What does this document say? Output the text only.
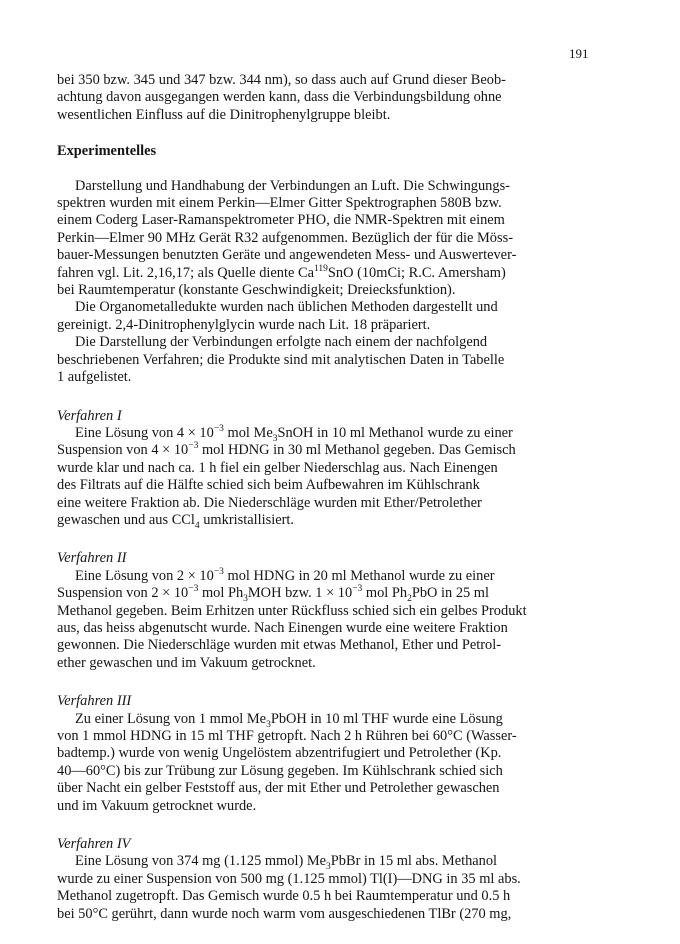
191
bei 350 bzw. 345 und 347 bzw. 344 nm), so dass auch auf Grund dieser Beob-
achtung davon ausgegangen werden kann, dass die Verbindungsbildung ohne
wesentlichen Einfluss auf die Dinitrophenylgruppe bleibt.
Experimentelles
Darstellung und Handhabung der Verbindungen an Luft. Die Schwingungs-
spektren wurden mit einem Perkin—Elmer Gitter Spektrographen 580B bzw.
einem Coderg Laser-Ramanspektrometer PHO, die NMR-Spektren mit einem
Perkin—Elmer 90 MHz Gerät R32 aufgenommen. Bezüglich der für die Möss-
bauer-Messungen benutzten Geräte und angewendeten Mess- und Auswertever-
fahren vgl. Lit. 2,16,17; als Quelle diente Ca$^{119}$SnO (10mCi; R.C. Amersham)
bei Raumtemperatur (konstante Geschwindigkeit; Dreiecksfunktion).
Die Organometalledukte wurden nach üblichen Methoden dargestellt und
gereinigt. 2,4-Dinitrophenylglycin wurde nach Lit. 18 präpariert.
Die Darstellung der Verbindungen erfolgte nach einem der nachfolgend
beschriebenen Verfahren; die Produkte sind mit analytischen Daten in Tabelle
1 aufgelistet.
Verfahren I
Eine Lösung von $4 \times 10^{-3}$ mol $Me_3SnOH$ in 10 ml Methanol wurde zu einer
Suspension von $4 \times 10^{-3}$ mol HDNG in 30 ml Methanol gegeben. Das Gemisch
wurde klar und nach ca. 1 h fiel ein gelber Niederschlag aus. Nach Einengen
des Filtrats auf die Hälfte schied sich beim Aufbewahren im Kühlschrank
eine weitere Fraktion ab. Die Niederschläge wurden mit Ether/Petrolether
gewaschen und aus CCl$_4$ umkristallisiert.
Verfahren II
Eine Lösung von $2 \times 10^{-3}$ mol HDNG in 20 ml Methanol wurde zu einer
Suspension von $2 \times 10^{-3}$ mol $Ph_3MOH$ bzw. $1 \times 10^{-3}$ mol $Ph_2PbO$ in 25 ml
Methanol gegeben. Beim Erhitzen unter Rückfluss schied sich ein gelbes Produkt
aus, das heiss abgenutscht wurde. Nach Einengen wurde eine weitere Fraktion
gewonnen. Die Niederschläge wurden mit etwas Methanol, Ether und Petrol-
ether gewaschen und im Vakuum getrocknet.
Verfahren III
Zu einer Lösung von 1 mmol $Me_3PbOH$ in 10 ml THF wurde eine Lösung
von 1 mmol HDNG in 15 ml THF getropft. Nach 2 h Rühren bei 60°C (Wasser-
badtemp.) wurde von wenig Ungelöstem abzentrifugiert und Petrolether (Kp.
40—60°C) bis zur Trübung zur Lösung gegeben. Im Kühlschrank schied sich
über Nacht ein gelber Feststoff aus, der mit Ether und Petrolether gewaschen
und im Vakuum getrocknet wurde.
Verfahren IV
Eine Lösung von 374 mg (1.125 mmol) $Me_3PbBr$ in 15 ml abs. Methanol
wurde zu einer Suspension von 500 mg (1.125 mmol) Tl(I)—DNG in 35 ml abs.
Methanol zugetropft. Das Gemisch wurde 0.5 h bei Raumtemperatur und 0.5 h
bei 50°C gerührt, dann wurde noch warm vom ausgeschiedenen TlBr (270 mg,
